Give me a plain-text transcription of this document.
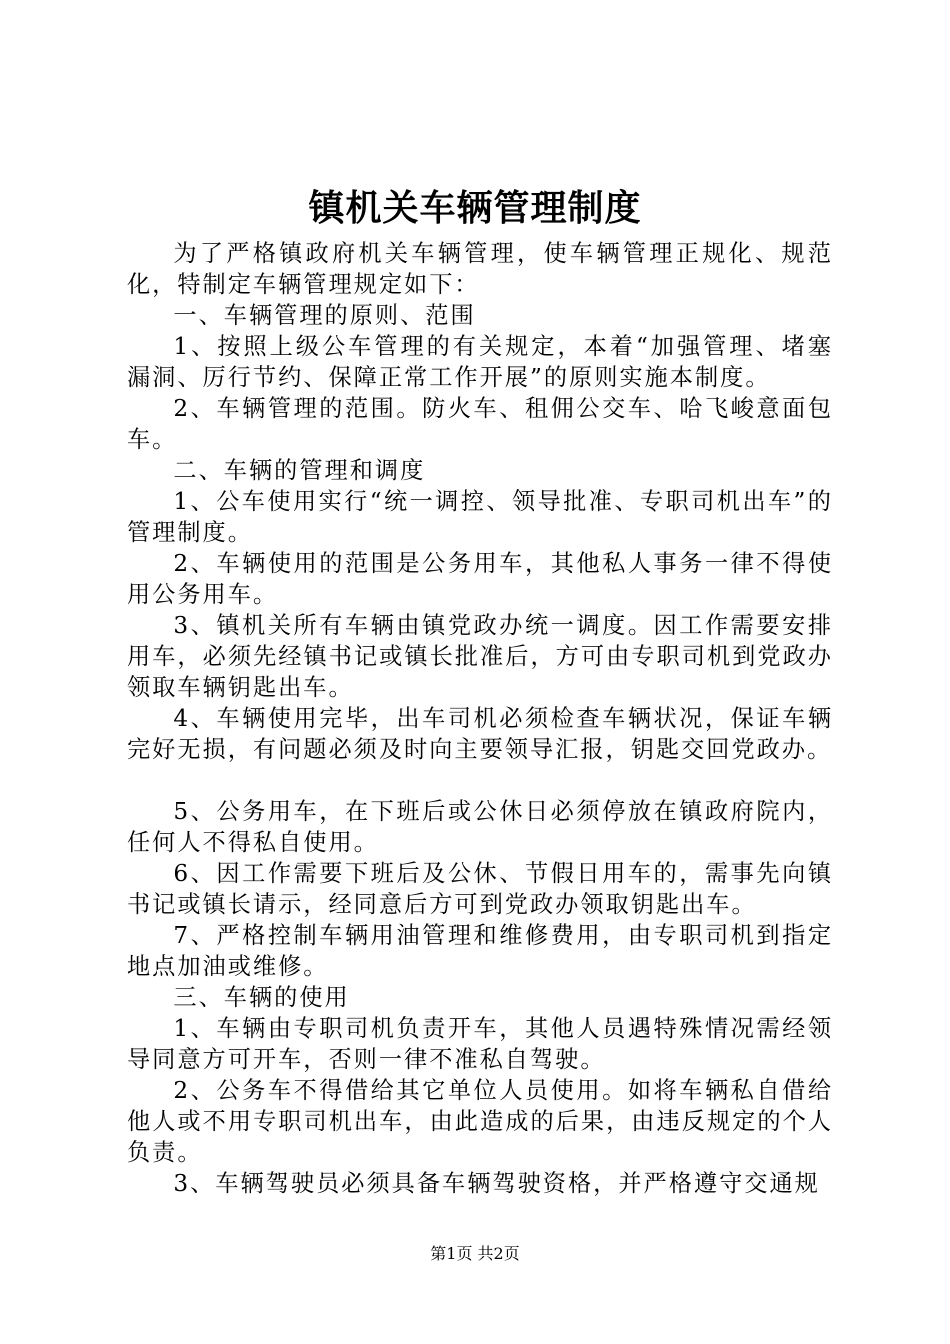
镇机关车辆管理制度

为了严格镇政府机关车辆管理，使车辆管理正规化、规范化，特制定车辆管理规定如下：

一、车辆管理的原则、范围

1、按照上级公车管理的有关规定，本着“加强管理、堵塞漏洞、厉行节约、保障正常工作开展”的原则实施本制度。

2、车辆管理的范围。防火车、租佣公交车、哈飞峻意面包车。

二、车辆的管理和调度

1、公车使用实行“统一调控、领导批准、专职司机出车”的管理制度。

2、车辆使用的范围是公务用车，其他私人事务一律不得使用公务用车。

3、镇机关所有车辆由镇党政办统一调度。因工作需要安排用车，必须先经镇书记或镇长批准后，方可由专职司机到党政办领取车辆钥匙出车。

4、车辆使用完毕，出车司机必须检查车辆状况，保证车辆完好无损，有问题必须及时向主要领导汇报，钥匙交回党政办。

5、公务用车，在下班后或公休日必须停放在镇政府院内，任何人不得私自使用。

6、因工作需要下班后及公休、节假日用车的，需事先向镇书记或镇长请示，经同意后方可到党政办领取钥匙出车。

7、严格控制车辆用油管理和维修费用，由专职司机到指定地点加油或维修。

三、车辆的使用

1、车辆由专职司机负责开车，其他人员遇特殊情况需经领导同意方可开车，否则一律不准私自驾驶。

2、公务车不得借给其它单位人员使用。如将车辆私自借给他人或不用专职司机出车，由此造成的后果，由违反规定的个人负责。

3、车辆驾驶员必须具备车辆驾驶资格，并严格遵守交通规

第1页 共2页
